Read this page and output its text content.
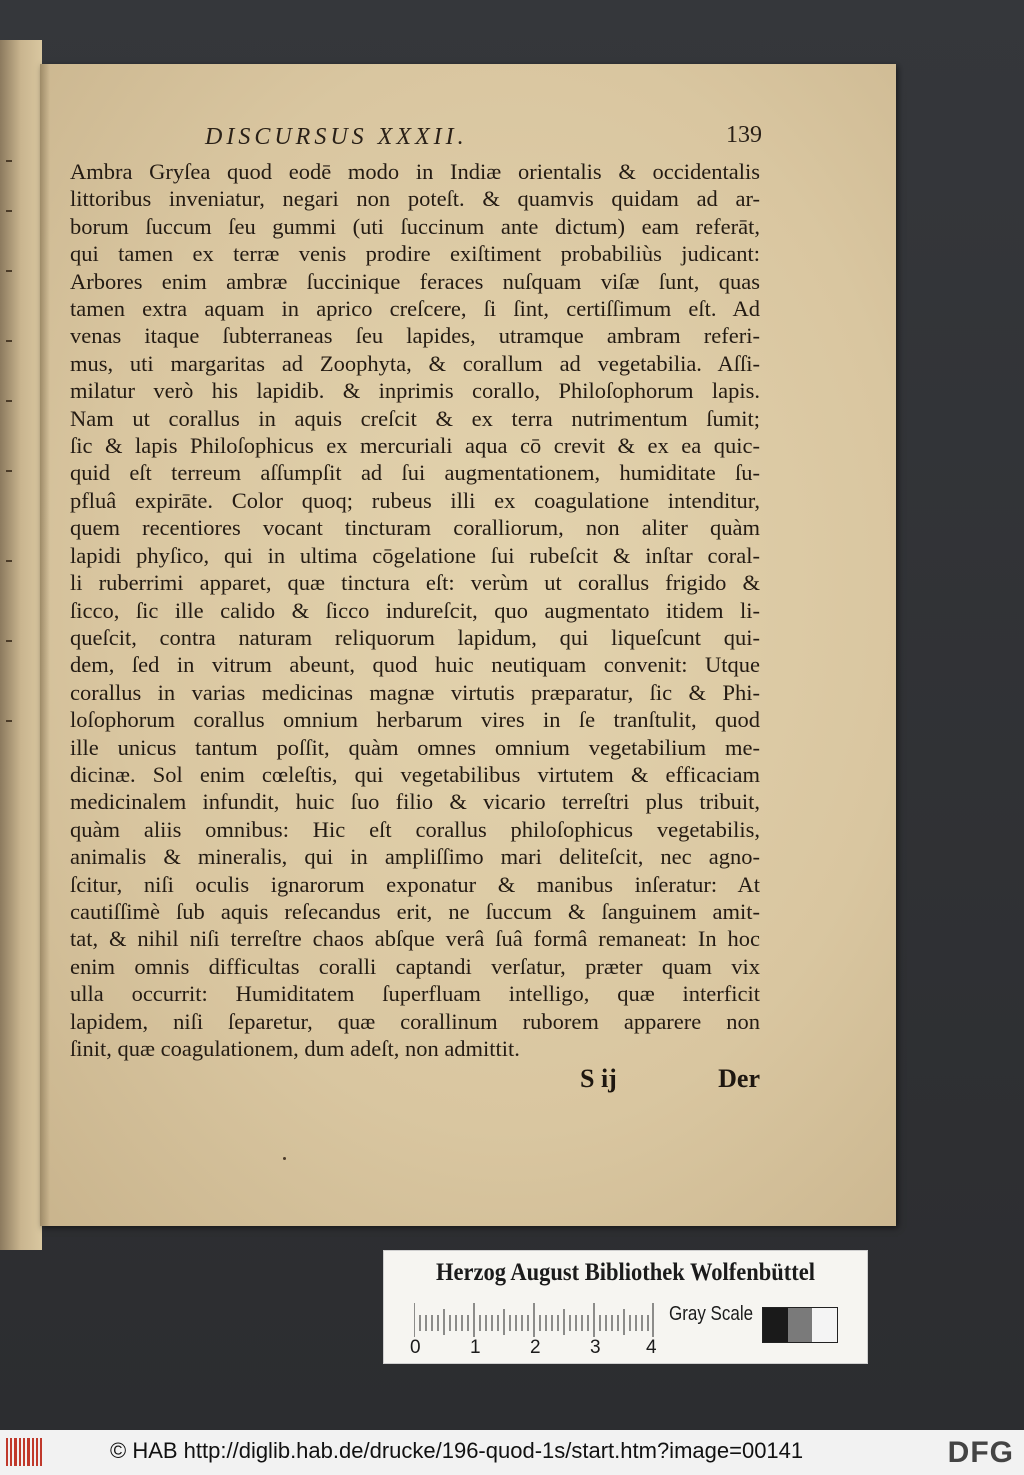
DISCURSUS XXXII.	139
Ambra Gryſea quod eodē modo in Indiæ orientalis & occidentalis
littoribus inveniatur, negari non poteſt. & quamvis quidam ad ar-
borum ſuccum ſeu gummi (uti ſuccinum ante dictum) eam referāt,
qui tamen ex terræ venis prodire exiſtiment probabiliùs judicant:
Arbores enim ambræ ſuccinique feraces nuſquam viſæ ſunt, quas
tamen extra aquam in aprico creſcere, ſi ſint, certiſſimum eſt. Ad
venas itaque ſubterraneas ſeu lapides, utramque ambram referi-
mus, uti margaritas ad Zoophyta, & corallum ad vegetabilia. Aſſi-
milatur verò his lapidib. & inprimis corallo, Philoſophorum lapis.
Nam ut corallus in aquis creſcit & ex terra nutrimentum ſumit;
ſic & lapis Philoſophicus ex mercuriali aqua cō crevit & ex ea quic-
quid eſt terreum aſſumpſit ad ſui augmentationem, humiditate ſu-
pfluâ expirāte. Color quoq; rubeus illi ex coagulatione intenditur,
quem recentiores vocant tincturam coralliorum, non aliter quàm
lapidi phyſico, qui in ultima cōgelatione ſui rubeſcit & inſtar coral-
li ruberrimi apparet, quæ tinctura eſt: verùm ut corallus frigido &
ſicco, ſic ille calido & ſicco indureſcit, quo augmentato itidem li-
queſcit, contra naturam reliquorum lapidum, qui liqueſcunt qui-
dem, ſed in vitrum abeunt, quod huic neutiquam convenit: Utque
corallus in varias medicinas magnæ virtutis præparatur, ſic & Phi-
loſophorum corallus omnium herbarum vires in ſe tranſtulit, quod
ille unicus tantum poſſit, quàm omnes omnium vegetabilium me-
dicinæ. Sol enim cœleſtis, qui vegetabilibus virtutem & efficaciam
medicinalem infundit, huic ſuo filio & vicario terreſtri plus tribuit,
quàm aliis omnibus: Hic eſt corallus philoſophicus vegetabilis,
animalis & mineralis, qui in ampliſſimo mari deliteſcit, nec agno-
ſcitur, niſi oculis ignarorum exponatur & manibus inſeratur: At
cautiſſimè ſub aquis reſecandus erit, ne ſuccum & ſanguinem amit-
tat, & nihil niſi terreſtre chaos abſque verâ ſuâ formâ remaneat: In hoc
enim omnis difficultas coralli captandi verſatur, præter quam vix
ulla occurrit: Humiditatem ſuperfluam intelligo, quæ interficit
lapidem, niſi ſeparetur, quæ corallinum ruborem apparere non
ſinit, quæ coagulationem, dum adeſt, non admittit.
S ij	Der
Herzog August Bibliothek Wolfenbüttel
0	1	2	3 4
Gray Scale
© HAB http://diglib.hab.de/drucke/196-quod-1s/start.htm?image=00141	DFG
